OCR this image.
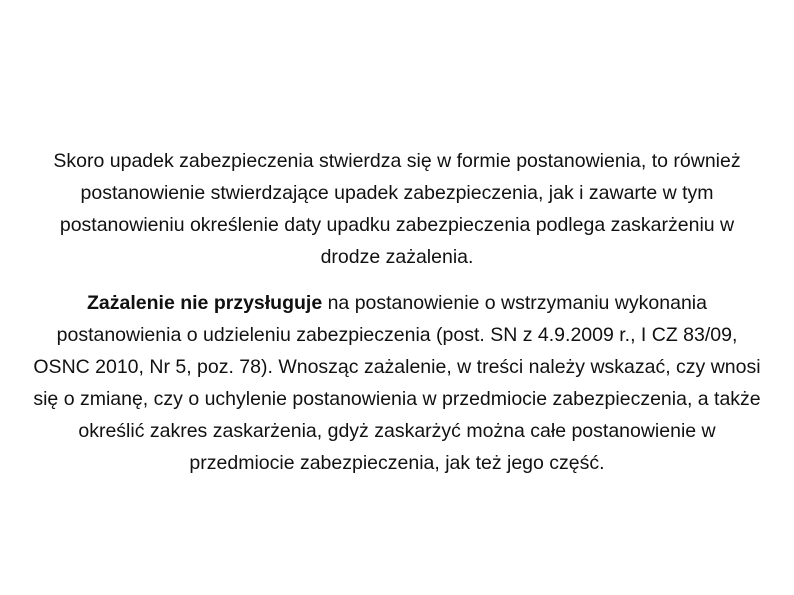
Skoro upadek zabezpieczenia stwierdza się w formie postanowienia, to również postanowienie stwierdzające upadek zabezpieczenia, jak i zawarte w tym postanowieniu określenie daty upadku zabezpieczenia podlega zaskarżeniu w drodze zażalenia.

Zażalenie nie przysługuje na postanowienie o wstrzymaniu wykonania postanowienia o udzieleniu zabezpieczenia (post. SN z 4.9.2009 r., I CZ 83/09, OSNC 2010, Nr 5, poz. 78). Wnosząc zażalenie, w treści należy wskazać, czy wnosi się o zmianę, czy o uchylenie postanowienia w przedmiocie zabezpieczenia, a także określić zakres zaskarżenia, gdyż zaskarżyć można całe postanowienie w przedmiocie zabezpieczenia, jak też jego część.
